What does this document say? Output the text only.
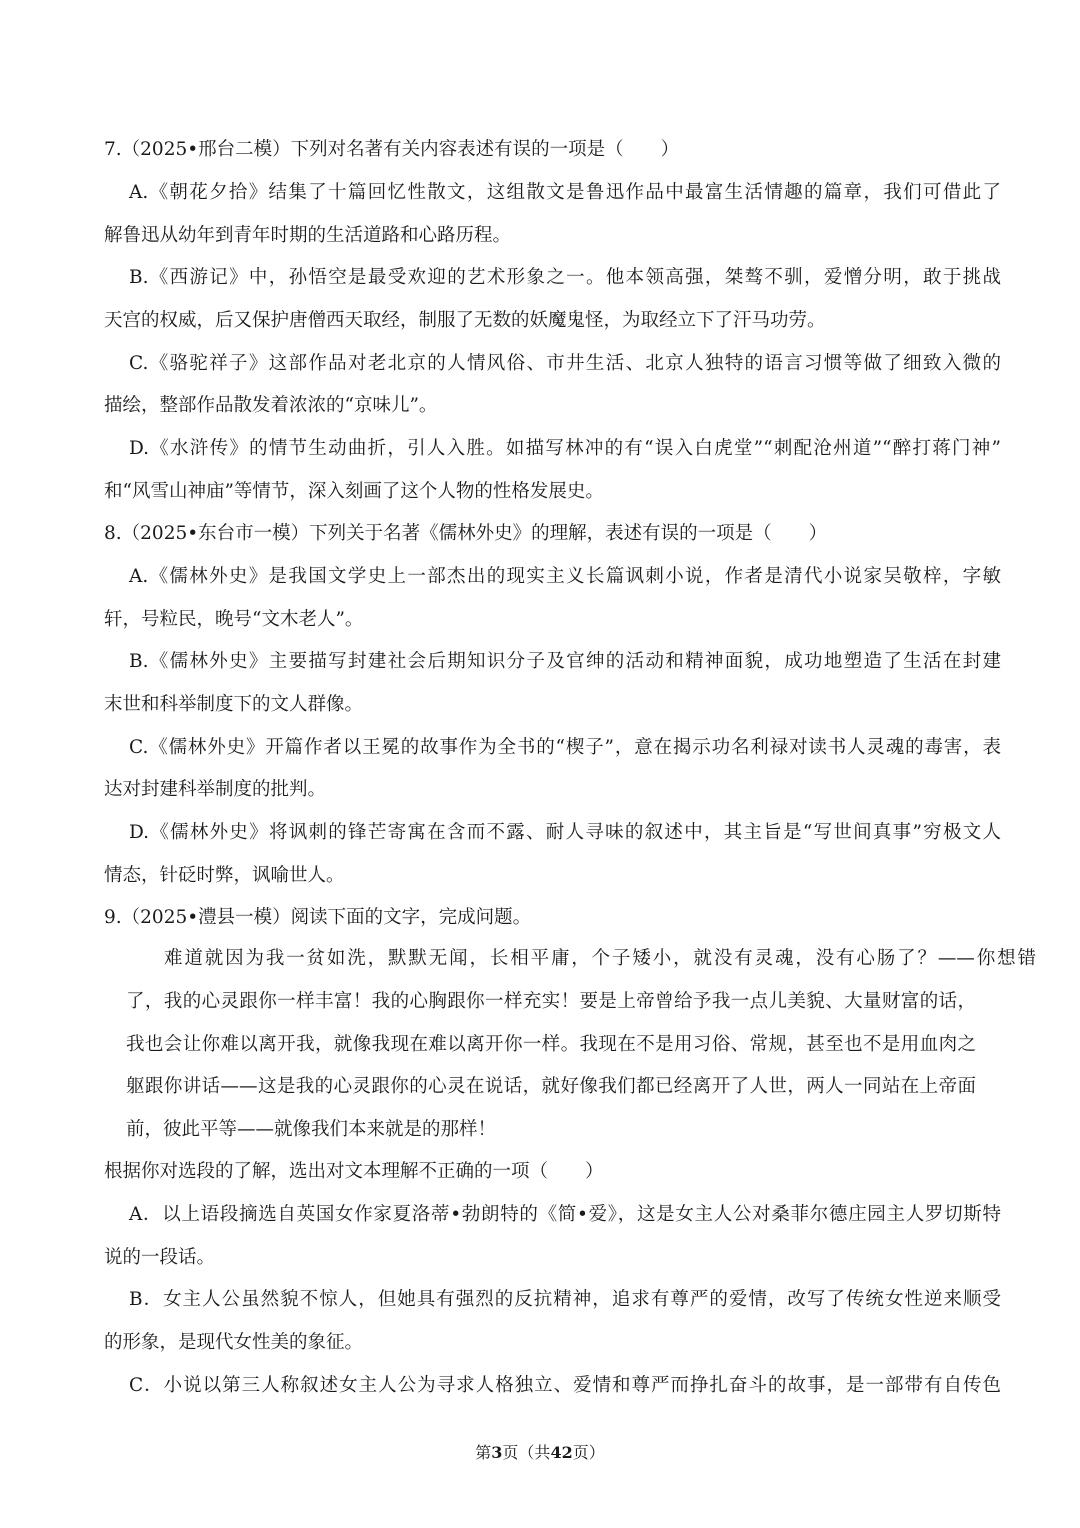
7.（2025•邢台二模）下列对名著有关内容表述有误的一项是（　　）
A.《朝花夕拾》结集了十篇回忆性散文，这组散文是鲁迅作品中最富生活情趣的篇章，我们可借此了
解鲁迅从幼年到青年时期的生活道路和心路历程。
B.《西游记》中，孙悟空是最受欢迎的艺术形象之一。他本领高强，桀骜不驯，爱憎分明，敢于挑战
天宫的权威，后又保护唐僧西天取经，制服了无数的妖魔鬼怪，为取经立下了汗马功劳。
C.《骆驼祥子》这部作品对老北京的人情风俗、市井生活、北京人独特的语言习惯等做了细致入微的
描绘，整部作品散发着浓浓的“京味儿”。
D.《水浒传》的情节生动曲折，引人入胜。如描写林冲的有“误入白虎堂”“刺配沧州道”“醉打蒋门神”
和“风雪山神庙”等情节，深入刻画了这个人物的性格发展史。
8.（2025•东台市一模）下列关于名著《儒林外史》的理解，表述有误的一项是（　　）
A.《儒林外史》是我国文学史上一部杰出的现实主义长篇讽刺小说，作者是清代小说家吴敬梓，字敏
轩，号粒民，晚号“文木老人”。
B.《儒林外史》主要描写封建社会后期知识分子及官绅的活动和精神面貌，成功地塑造了生活在封建
末世和科举制度下的文人群像。
C.《儒林外史》开篇作者以王冕的故事作为全书的“楔子”，意在揭示功名利禄对读书人灵魂的毒害，表
达对封建科举制度的批判。
D.《儒林外史》将讽刺的锋芒寄寓在含而不露、耐人寻味的叙述中，其主旨是“写世间真事”穷极文人
情态，针砭时弊，讽喻世人。
9.（2025•澧县一模）阅读下面的文字，完成问题。
难道就因为我一贫如洗，默默无闻，长相平庸，个子矮小，就没有灵魂，没有心肠了？——你想错
了，我的心灵跟你一样丰富！我的心胸跟你一样充实！要是上帝曾给予我一点儿美貌、大量财富的话，
我也会让你难以离开我，就像我现在难以离开你一样。我现在不是用习俗、常规，甚至也不是用血肉之
躯跟你讲话——这是我的心灵跟你的心灵在说话，就好像我们都已经离开了人世，两人一同站在上帝面
前，彼此平等——就像我们本来就是的那样！
根据你对选段的了解，选出对文本理解不正确的一项（　　）
A．以上语段摘选自英国女作家夏洛蒂•勃朗特的《简•爱》，这是女主人公对桑菲尔德庄园主人罗切斯特
说的一段话。
B．女主人公虽然貌不惊人，但她具有强烈的反抗精神，追求有尊严的爱情，改写了传统女性逆来顺受
的形象，是现代女性美的象征。
C．小说以第三人称叙述女主人公为寻求人格独立、爱情和尊严而挣扎奋斗的故事，是一部带有自传色
第3页（共42页）
